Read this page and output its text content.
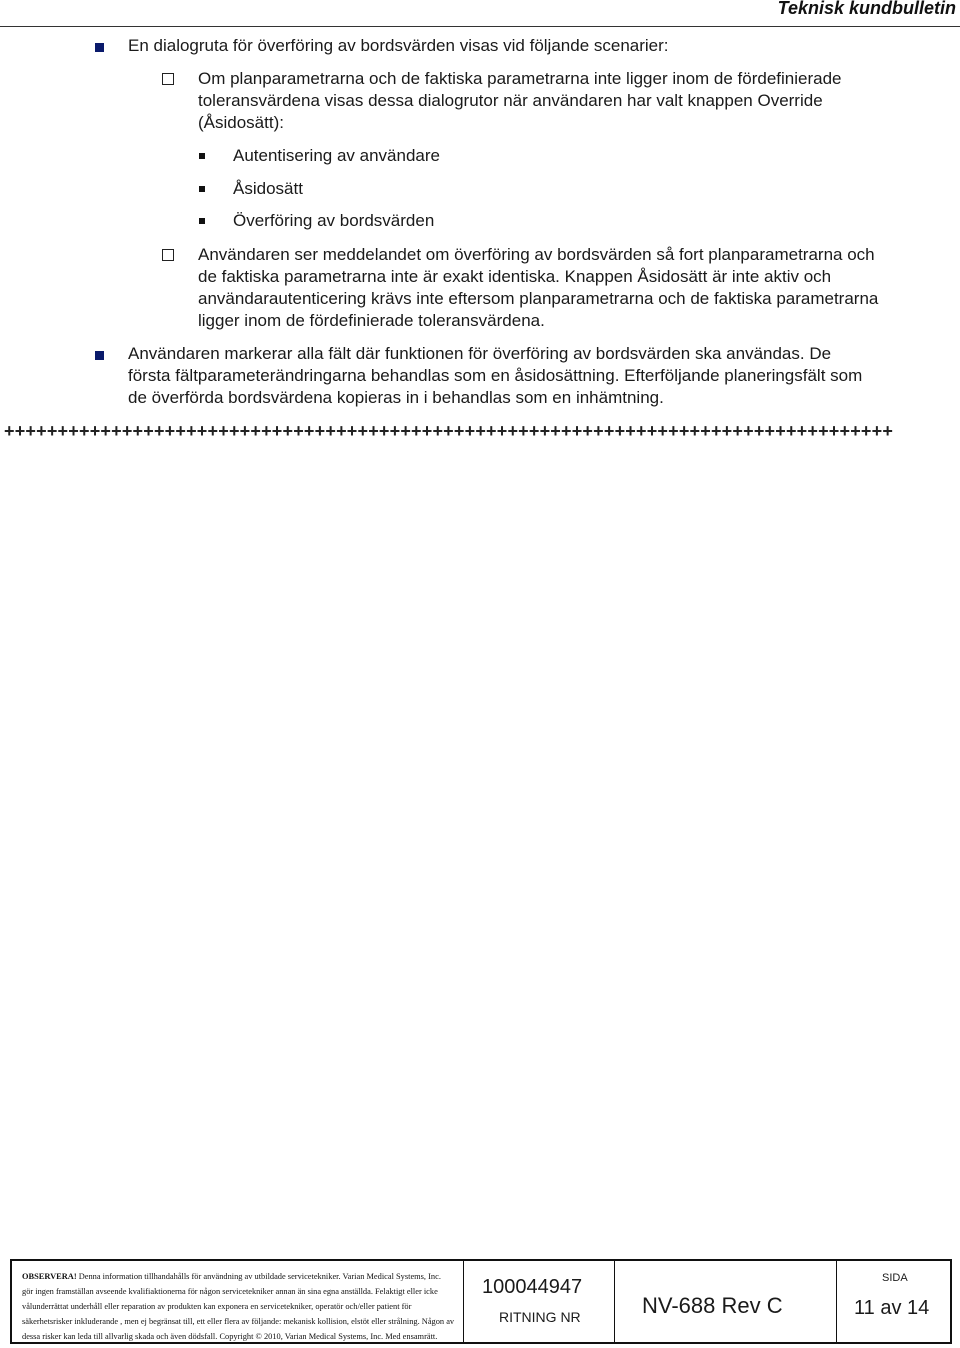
Teknisk kundbulletin
En dialogruta för överföring av bordsvärden visas vid följande scenarier:
Om planparametrarna och de faktiska parametrarna inte ligger inom de fördefinierade
toleransvärdena visas dessa dialogrutor när användaren har valt knappen Override
(Åsidosätt):
Autentisering av användare
Åsidosätt
Överföring av bordsvärden
Användaren ser meddelandet om överföring av bordsvärden så fort planparametrarna och
de faktiska parametrarna inte är exakt identiska. Knappen Åsidosätt är inte aktiv och
användarautenticering krävs inte eftersom planparametrarna och de faktiska parametrarna
ligger inom de fördefinierade toleransvärdena.
Användaren markerar alla fält där funktionen för överföring av bordsvärden ska användas. De
första fältparameterändringarna behandlas som en åsidosättning. Efterföljande planeringsfält som
de överförda bordsvärdena kopieras in i behandlas som en inhämtning.
+++++++++++++++++++++++++++++++++++++++++++++++++++++++++++++++++++++++++++++++++++
OBSERVERA! Denna information tillhandahålls för användning av utbildade servicetekniker. Varian Medical Systems, Inc.
gör ingen framställan avseende kvalifiaktionerna för någon servicetekniker annan än sina egna anställda. Felaktigt eller icke
vålunderrättat underhåll eller reparation av produkten kan exponera en servicetekniker, operatör och/eller patient för
säkerhetsrisker inkluderande , men ej begränsat till, ett eller flera av följande: mekanisk kollision, elstöt eller strålning. Någon av
dessa risker kan leda till allvarlig skada och även dödsfall. Copyright © 2010, Varian Medical Systems, Inc. Med ensamrätt.
100044947
RITNING NR	NV-688 Rev C
SIDA
11 av 14
